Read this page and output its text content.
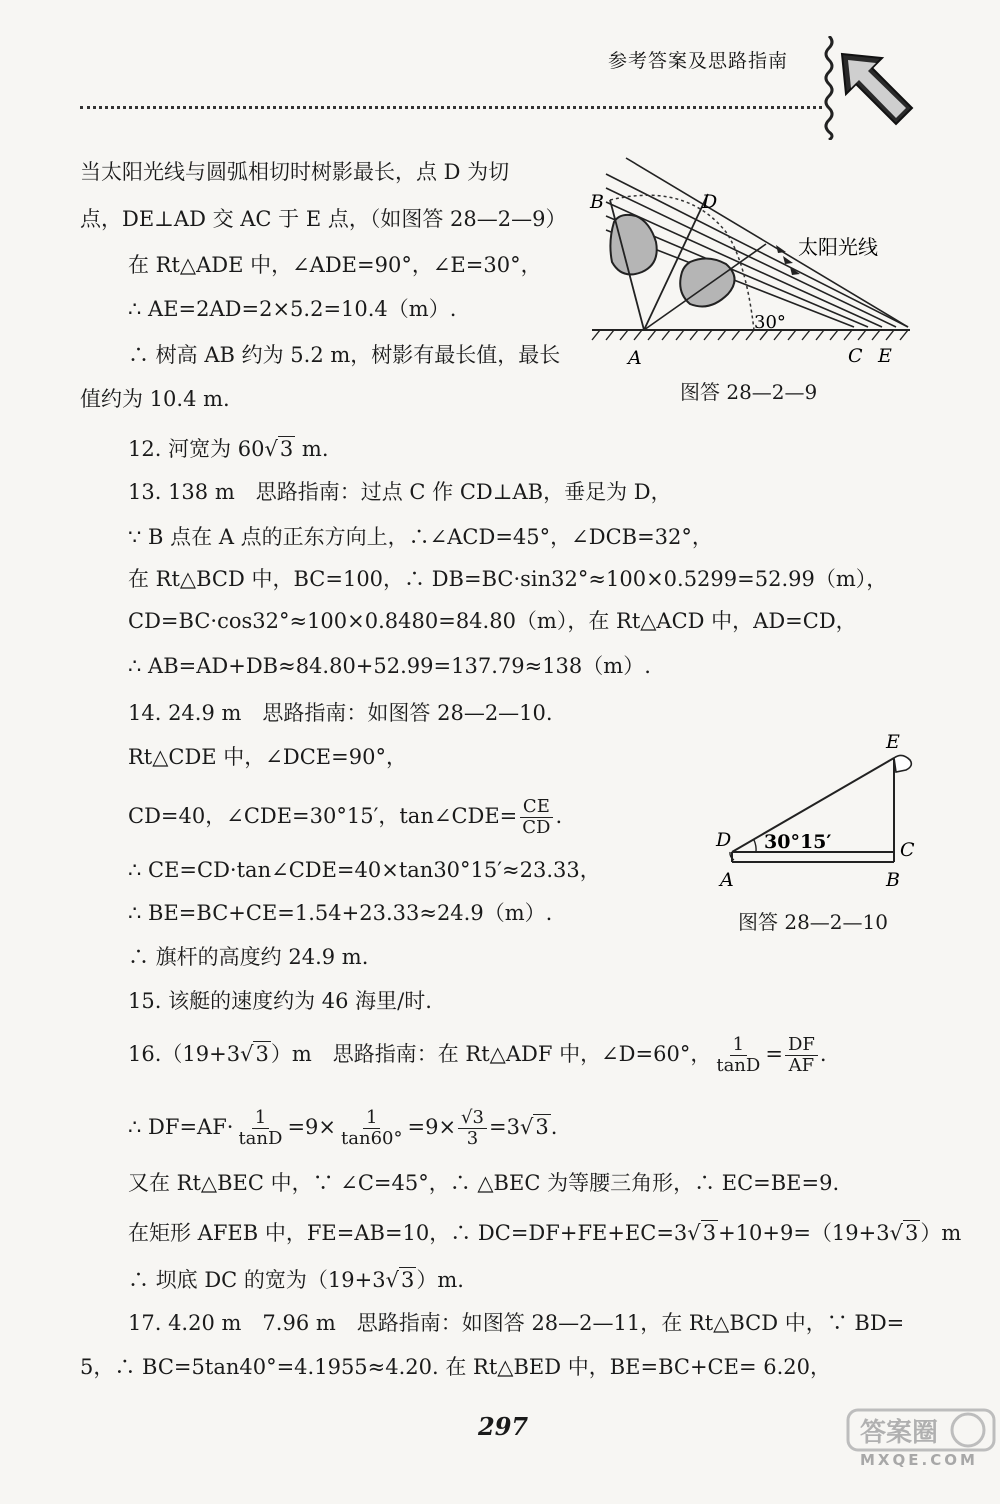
参考答案及思路指南
当太阳光线与圆弧相切时树影最长，点 D 为切
点，DE⊥AD 交 AC 于 E 点，（如图答 28—2—9）
在 Rt△ADE 中，∠ADE=90°，∠E=30°，
∴ AE=2AD=2×5.2=10.4（m）.
∴ 树高 AB 约为 5.2 m，树影有最长值，最长
值约为 10.4 m.
12. 河宽为 60√3 m.
13. 138 m　思路指南：过点 C 作 CD⊥AB，垂足为 D，
∵ B 点在 A 点的正东方向上，∴∠ACD=45°，∠DCB=32°，
在 Rt△BCD 中，BC=100，∴ DB=BC·sin32°≈100×0.5299=52.99（m），
CD=BC·cos32°≈100×0.8480=84.80（m），在 Rt△ACD 中，AD=CD，
∴ AB=AD+DB≈84.80+52.99=137.79≈138（m）.
14. 24.9 m　思路指南：如图答 28—2—10.
Rt△CDE 中，∠DCE=90°，
CD=40，∠CDE=30°15′，tan∠CDE= $\frac{CE}{CD}$ .
∴ CE=CD·tan∠CDE=40×tan30°15′≈23.33，
∴ BE=BC+CE=1.54+23.33≈24.9（m）.
∴ 旗杆的高度约 24.9 m.
15. 该艇的速度约为 46 海里/时.
16.（19+3√3）m　思路指南：在 Rt△ADF 中，∠D=60°， $\frac{1}{\tan D} = \frac{DF}{AF}$ .
∴ $DF=AF\cdot \frac{1}{\tan D} =9\times \frac{1}{\tan 60^\circ} =9\times \frac{√3}{3} =3√3$.
又在 Rt△BEC 中，∵ ∠C=45°，∴ △BEC 为等腰三角形，∴ EC=BE=9.
在矩形 AFEB 中，FE=AB=10，∴ DC=DF+FE+EC=3√3+10+9=（19+3√3）m
∴ 坝底 DC 的宽为（19+3√3）m.
17. 4.20 m　7.96 m　思路指南：如图答 28—2—11，在 Rt△BCD 中，∵ BD=
5，∴ BC=5tan40°=4.1955≈4.20. 在 Rt△BED 中，BE=BC+CE= 6.20，
B	D
太阳光线
30°
A	C E
图答 28—2—9
E
D 30°15′	C
A	B
图答 28—2—10
297	答案圈
MXQE.COM
